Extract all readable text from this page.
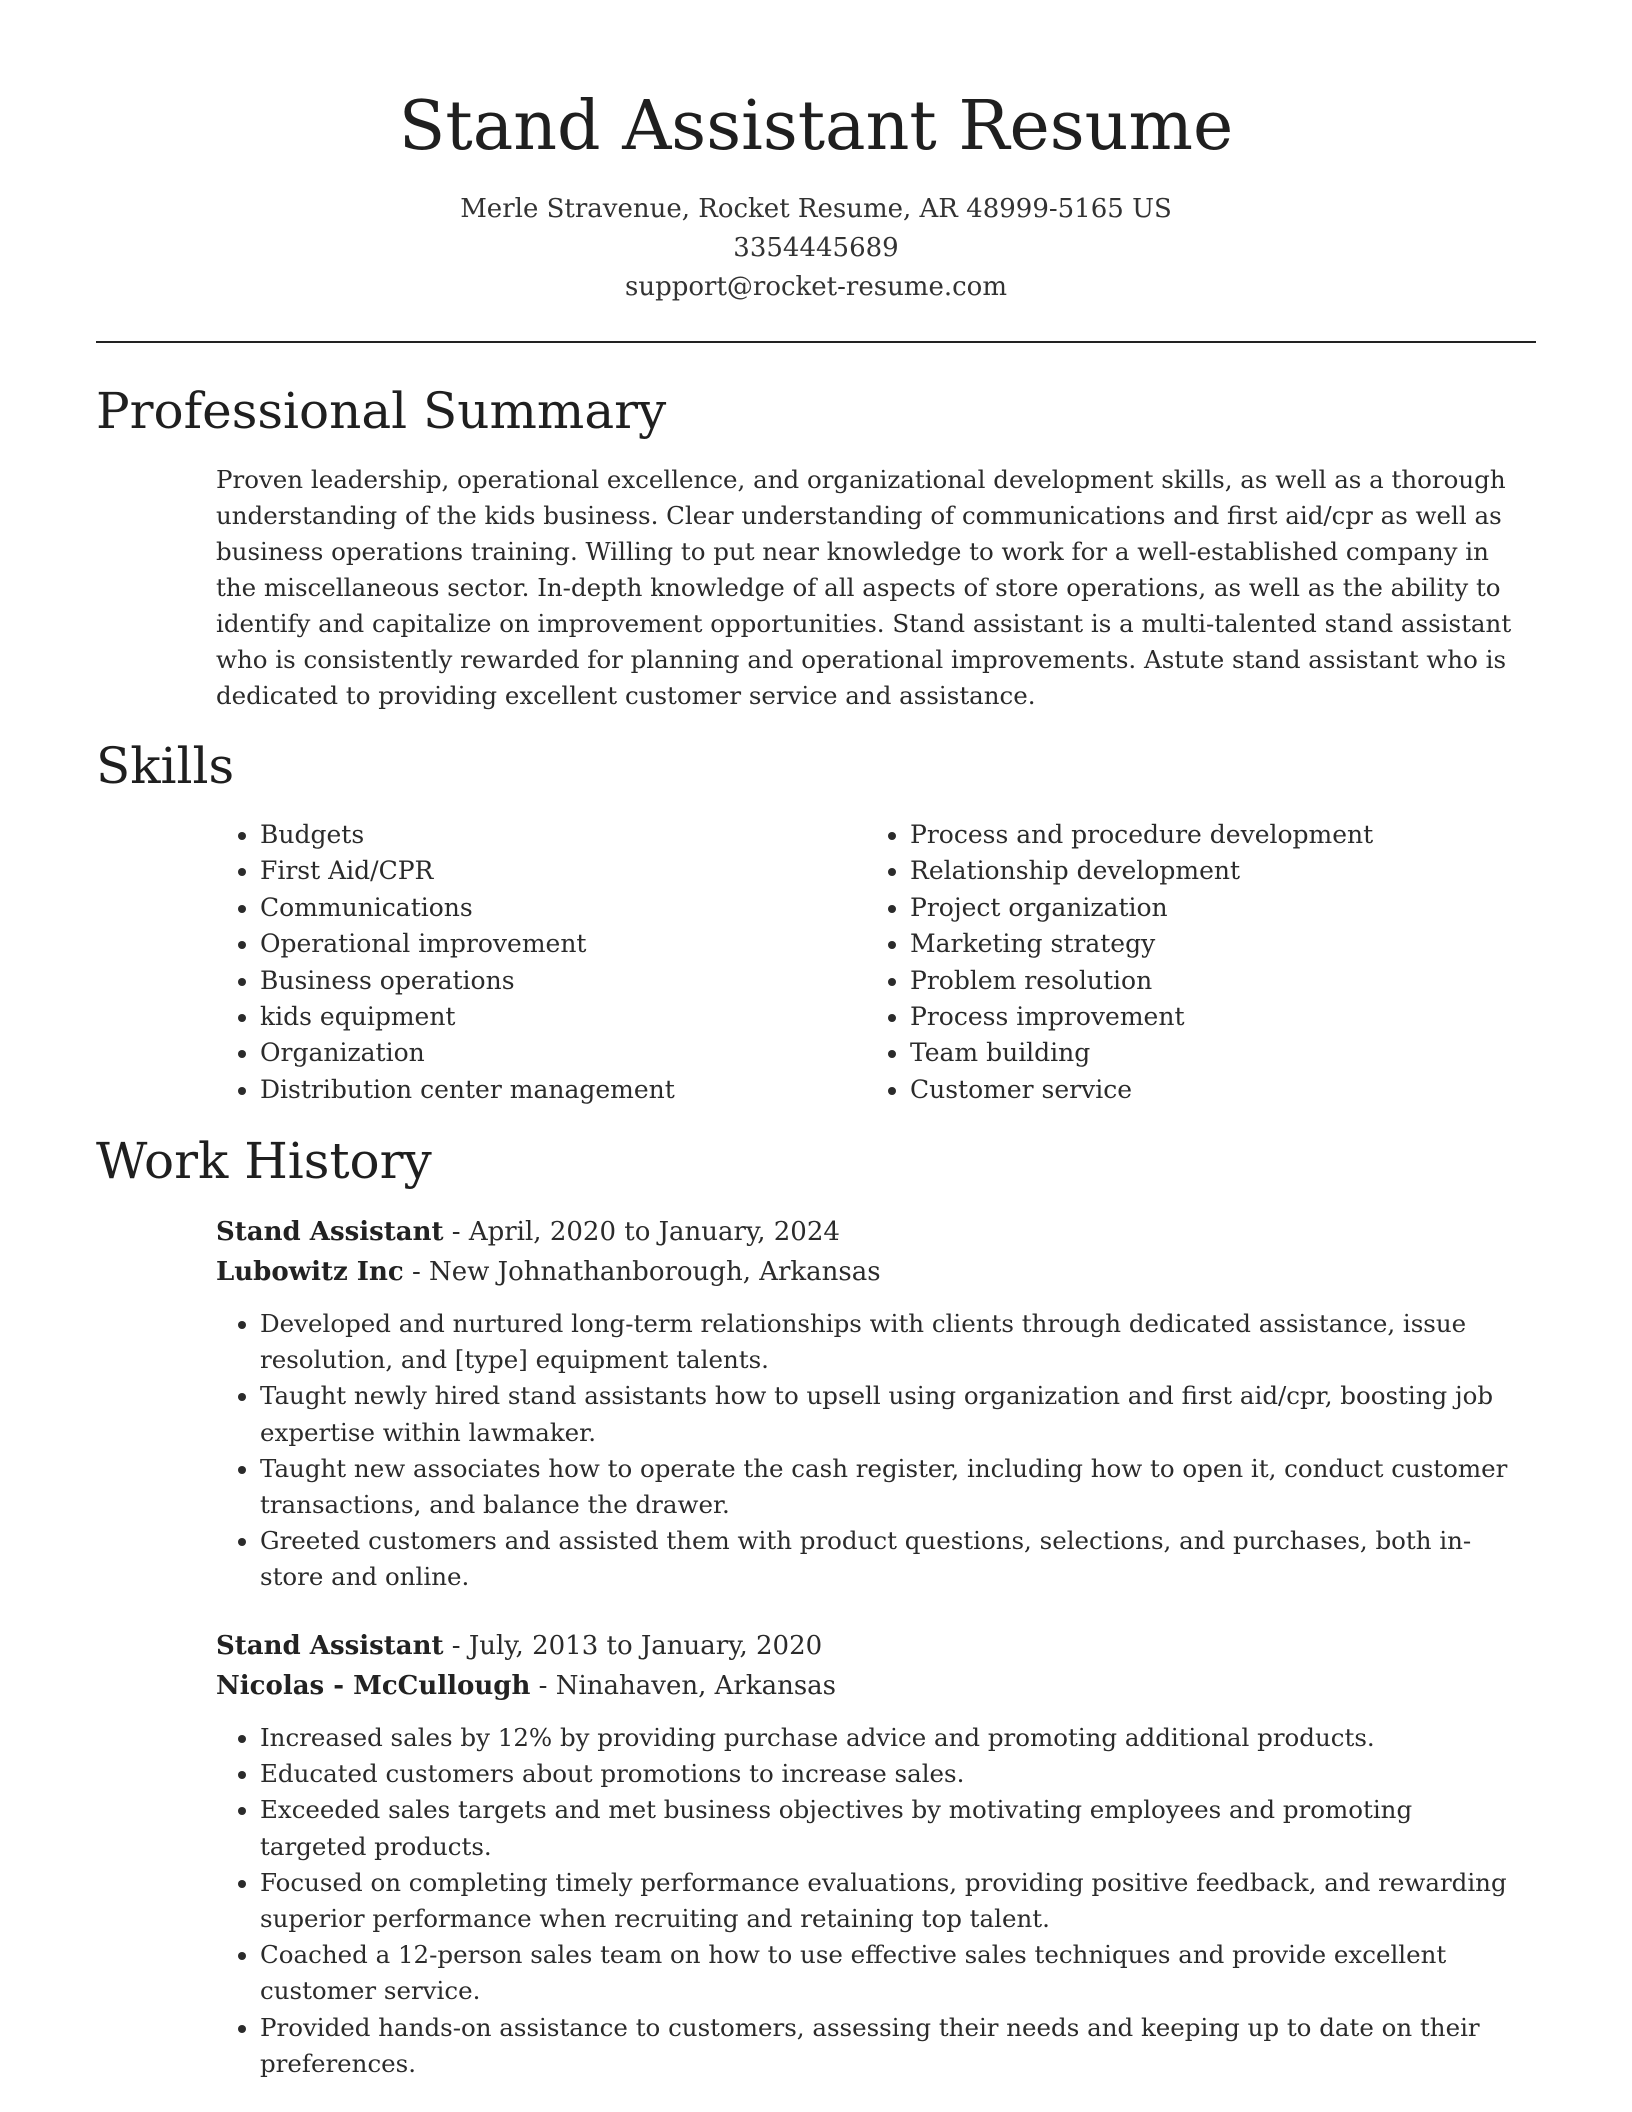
Stand Assistant Resume
Merle Stravenue, Rocket Resume, AR 48999-5165 US
3354445689
support@rocket-resume.com
Professional Summary

Proven leadership, operational excellence, and organizational development skills, as well as a thorough understanding of the kids business. Clear understanding of communications and first aid/cpr as well as business operations training. Willing to put near knowledge to work for a well-established company in the miscellaneous sector. In-depth knowledge of all aspects of store operations, as well as the ability to identify and capitalize on improvement opportunities. Stand assistant is a multi-talented stand assistant who is consistently rewarded for planning and operational improvements. Astute stand assistant who is dedicated to providing excellent customer service and assistance.

Skills
• Budgets
• First Aid/CPR
• Communications
• Operational improvement
• Business operations
• kids equipment
• Organization
• Distribution center management
• Process and procedure development
• Relationship development
• Project organization
• Marketing strategy
• Problem resolution
• Process improvement
• Team building
• Customer service
Work History
Stand Assistant - April, 2020 to January, 2024
Lubowitz Inc - New Johnathanborough, Arkansas
• Developed and nurtured long-term relationships with clients through dedicated assistance, issue resolution, and [type] equipment talents.
• Taught newly hired stand assistants how to upsell using organization and first aid/cpr, boosting job expertise within lawmaker.
• Taught new associates how to operate the cash register, including how to open it, conduct customer transactions, and balance the drawer.
• Greeted customers and assisted them with product questions, selections, and purchases, both in-store and online.
Stand Assistant - July, 2013 to January, 2020
Nicolas - McCullough - Ninahaven, Arkansas
• Increased sales by 12% by providing purchase advice and promoting additional products.
• Educated customers about promotions to increase sales.
• Exceeded sales targets and met business objectives by motivating employees and promoting targeted products.
• Focused on completing timely performance evaluations, providing positive feedback, and rewarding superior performance when recruiting and retaining top talent.
• Coached a 12-person sales team on how to use effective sales techniques and provide excellent customer service.
• Provided hands-on assistance to customers, assessing their needs and keeping up to date on their preferences.
